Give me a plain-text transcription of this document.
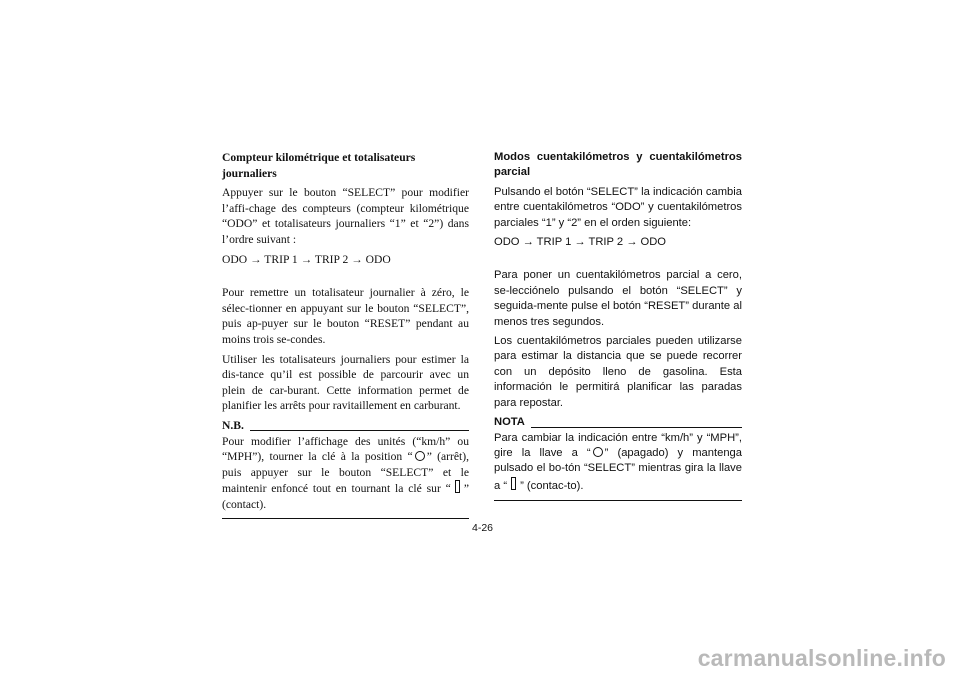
Compteur kilométrique et totalisateurs journaliers

Appuyer sur le bouton “SELECT” pour modifier l’affi-chage des compteurs (compteur kilométrique “ODO” et totalisateurs journaliers “1” et “2”) dans l’ordre suivant :

ODO → TRIP 1 → TRIP 2 → ODO

Pour remettre un totalisateur journalier à zéro, le sélec-tionner en appuyant sur le bouton “SELECT”, puis ap-puyer sur le bouton “RESET” pendant au moins trois se-condes.

Utiliser les totalisateurs journaliers pour estimer la dis-tance qu’il est possible de parcourir avec un plein de car-burant. Cette information permet de planifier les arrêts pour ravitaillement en carburant.

N.B.

Pour modifier l’affichage des unités (“km/h” ou “MPH”), tourner la clé à la position “ ” (arrêt), puis appuyer sur le bouton “SELECT” et le maintenir enfoncé tout en tournant la clé sur “ ” (contact).

Modos cuentakilómetros y cuentakilómetros parcial

Pulsando el botón “SELECT” la indicación cambia entre cuentakilómetros “ODO” y cuentakilómetros parciales “1” y “2” en el orden siguiente:

ODO → TRIP 1 → TRIP 2 → ODO

Para poner un cuentakilómetros parcial a cero, se-lecciónelo pulsando el botón “SELECT” y seguida-mente pulse el botón “RESET” durante al menos tres segundos.

Los cuentakilómetros parciales pueden utilizarse para estimar la distancia que se puede recorrer con un depósito lleno de gasolina. Esta información le permitirá planificar las paradas para repostar.

NOTA

Para cambiar la indicación entre “km/h” y “MPH”, gire la llave a “ ” (apagado) y mantenga pulsado el bo-tón “SELECT” mientras gira la llave a “ ” (contac-to).

4-26
carmanualsonline.info
